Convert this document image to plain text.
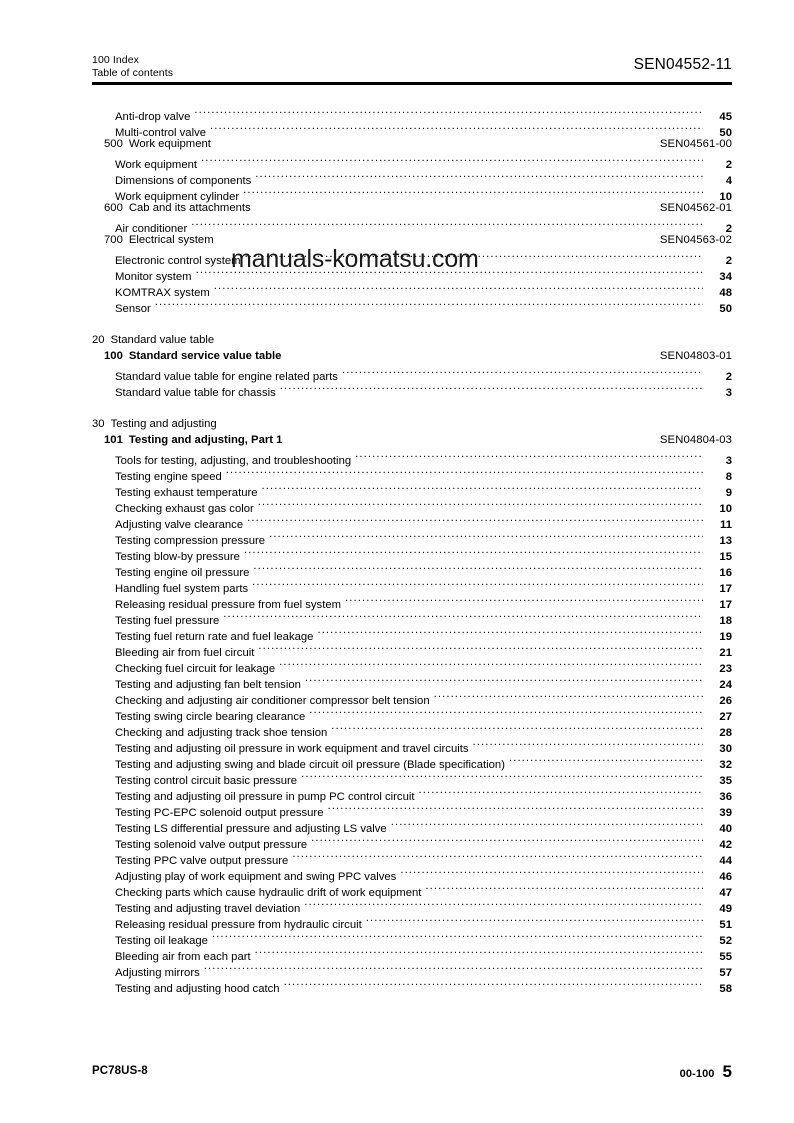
100 Index
Table of contents	SEN04552-11
Anti-drop valve .....	45
Multi-control valve .....	50
500 Work equipment	SEN04561-00
Work equipment .....	2
Dimensions of components .....	4
Work equipment cylinder .....	10
600 Cab and its attachments	SEN04562-01
Air conditioner .....	2
700 Electrical system	SEN04563-02
Electronic control system .....	2
Monitor system .....	34
KOMTRAX system .....	48
Sensor .....	50
20 Standard value table
100 Standard service value table	SEN04803-01
Standard value table for engine related parts .....	2
Standard value table for chassis .....	3
30 Testing and adjusting
101 Testing and adjusting, Part 1	SEN04804-03
Tools for testing, adjusting, and troubleshooting .....	3
Testing engine speed .....	8
Testing exhaust temperature .....	9
Checking exhaust gas color .....	10
Adjusting valve clearance .....	11
Testing compression pressure .....	13
Testing blow-by pressure .....	15
Testing engine oil pressure .....	16
Handling fuel system parts .....	17
Releasing residual pressure from fuel system .....	17
Testing fuel pressure .....	18
Testing fuel return rate and fuel leakage .....	19
Bleeding air from fuel circuit .....	21
Checking fuel circuit for leakage .....	23
Testing and adjusting fan belt tension .....	24
Checking and adjusting air conditioner compressor belt tension .....	26
Testing swing circle bearing clearance .....	27
Checking and adjusting track shoe tension .....	28
Testing and adjusting oil pressure in work equipment and travel circuits .....	30
Testing and adjusting swing and blade circuit oil pressure (Blade specification) .....	32
Testing control circuit basic pressure .....	35
Testing and adjusting oil pressure in pump PC control circuit .....	36
Testing PC-EPC solenoid output pressure .....	39
Testing LS differential pressure and adjusting LS valve .....	40
Testing solenoid valve output pressure .....	42
Testing PPC valve output pressure .....	44
Adjusting play of work equipment and swing PPC valves .....	46
Checking parts which cause hydraulic drift of work equipment .....	47
Testing and adjusting travel deviation .....	49
Releasing residual pressure from hydraulic circuit .....	51
Testing oil leakage .....	52
Bleeding air from each part .....	55
Adjusting mirrors .....	57
Testing and adjusting hood catch .....	58
manuals-komatsu.com
PC78US-8	00-100 5
